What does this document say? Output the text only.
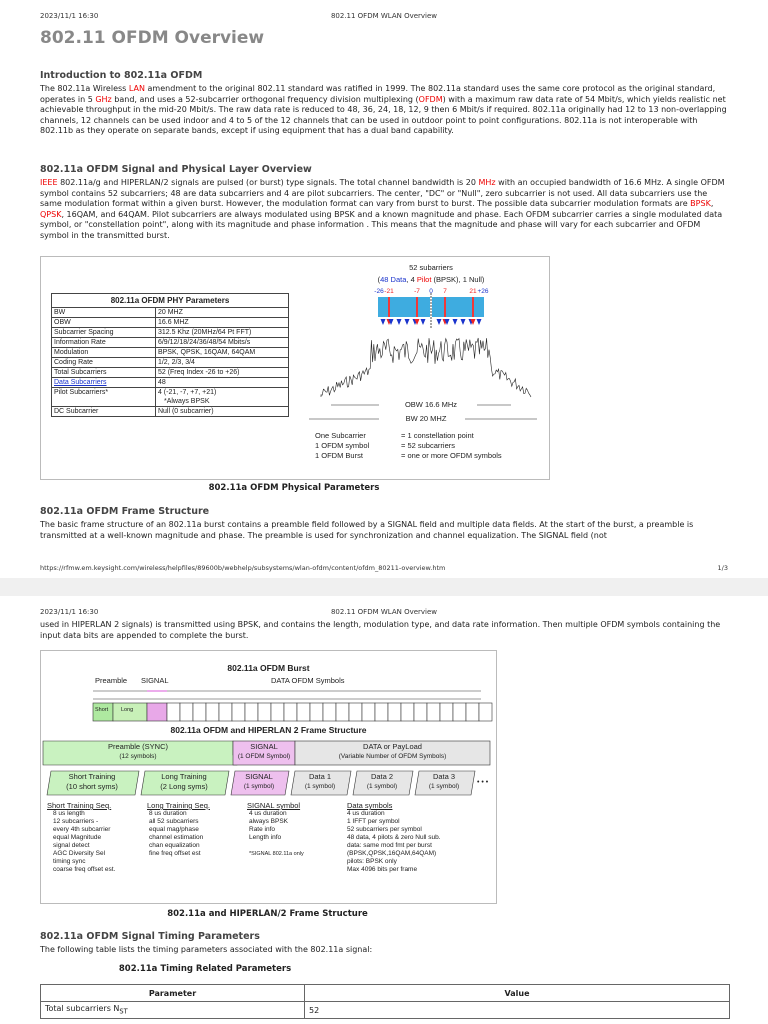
2023/11/1 16:30	802.11 OFDM WLAN Overview
802.11 OFDM Overview
Introduction to 802.11a OFDM

The 802.11a Wireless LAN amendment to the original 802.11 standard was ratified in 1999. The 802.11a standard uses the same core protocol as the original standard, operates in 5 GHz band, and uses a 52-subcarrier orthogonal frequency division multiplexing (OFDM) with a maximum raw data rate of 54 Mbit/s, which yields realistic net achievable throughput in the mid-20 Mbit/s. The raw data rate is reduced to 48, 36, 24, 18, 12, 9 then 6 Mbit/s if required. 802.11a originally had 12 to 13 non-overlapping channels, 12 channels can be used indoor and 4 to 5 of the 12 channels that can be used in outdoor point to point configurations. 802.11a is not interoperable with 802.11b as they operate on separate bands, except if using equipment that has a dual band capability.

802.11a OFDM Signal and Physical Layer Overview

IEEE 802.11a/g and HIPERLAN/2 signals are pulsed (or burst) type signals. The total channel bandwidth is 20 MHz with an occupied bandwidth of 16.6 MHz. A single OFDM symbol contains 52 subcarriers; 48 are data subcarriers and 4 are pilot subcarriers. The center, "DC" or "Null", zero subcarrier is not used. All data subcarriers use the same modulation format within a given burst. However, the modulation format can vary from burst to burst. The possible data subcarrier modulation formats are BPSK, QPSK, 16QAM, and 64QAM. Pilot subcarriers are always modulated using BPSK and a known magnitude and phase. Each OFDM subcarrier carries a single modulated data symbol, or "constellation point", along with its magnitude and phase information . This means that the magnitude and phase will vary for each subcarrier and OFDM symbol in the transmitted burst.

802.11a OFDM PHY Parameters	
BW	20 MHZ
OBW	16.6 MHZ
Subcarrier Spacing	312.5 Khz (20MHz/64 Pt FFT)
Information Rate	6/9/12/18/24/36/48/54 Mbits/s
Modulation	BPSK, QPSK, 16QAM, 64QAM
Coding Rate	1/2, 2/3, 3/4
Total Subcarriers	52 (Freq Index -26 to +26)
Data Subcarriers	48
Pilot Subcarriers*	4 (-21, -7, +7, +21)
*Always BPSK

DC Subcarrier	Null (0 subcarrier)
52 subarriers
(48 Data, 4 Pilot (BPSK), 1 Null)
-26 -21	-7 0 7	21 +26
OBW 16.6 MHz
BW 20 MHZ
One Subcarrier	= 1 constellation point
1 OFDM symbol	= 52 subcarriers
1 OFDM Burst	= one or more OFDM symbols
802.11a OFDM Physical Parameters
802.11a OFDM Frame Structure

The basic frame structure of an 802.11a burst contains a preamble field followed by a SIGNAL field and multiple data fields. At the start of the burst, a preamble is transmitted at a well-known magnitude and phase. The preamble is used for synchronization and channel equalization. The SIGNAL field (not

https://rfmw.em.keysight.com/wireless/helpfiles/89600b/webhelp/subsystems/wlan-ofdm/content/ofdm_80211-overview.htm	1/3
2023/11/1 16:30	802.11 OFDM WLAN Overview

used in HIPERLAN 2 signals) is transmitted using BPSK, and contains the length, modulation type, and data rate information. Then multiple OFDM symbols containing the input data bits are appended to complete the burst.

802.11a OFDM Burst
Preamble SIGNAL	DATA OFDM Symbols
Short Long
802.11a OFDM and HIPERLAN 2 Frame Structure
Preamble (SYNC)
(12 symbols)
SIGNAL
(1 OFDM Symbol)
DATA or PayLoad
(Variable Number of OFDM Symbols)
Short Training
(10 short syms)
Long Training
(2 Long syms)
SIGNAL
(1 symbol)
Data 1
(1 symbol)
Data 2
(1 symbol)
Data 3
(1 symbol)
• • •
Short Training Seq.
8 us length
12 subcarriers -
every 4th subcarrier
equal Magnitude
signal detect
AGC Diversity Sel
timing sync
coarse freq offset est.
Long Training Seq.
8 us duration
all 52 subcarriers
equal mag/phase
channel estimation
chan equalization
fine freq offset est
SIGNAL symbol
4 us duration
always BPSK
Rate info
Length info

*SIGNAL 802.11a only
Data symbols
4 us duration
1 IFFT per symbol
52 subcarriers per symbol
48 data, 4 pilots & zero Null sub.
data: same mod fmt per burst
(BPSK,QPSK,16QAM,64QAM)
pilots: BPSK only
Max 4096 bits per frame
802.11a and HIPERLAN/2 Frame Structure
802.11a OFDM Signal Timing Parameters

The following table lists the timing parameters associated with the 802.11a signal:

802.11a Timing Related Parameters
Parameter	Value
Total subcarriers $N_{ST}$	52
